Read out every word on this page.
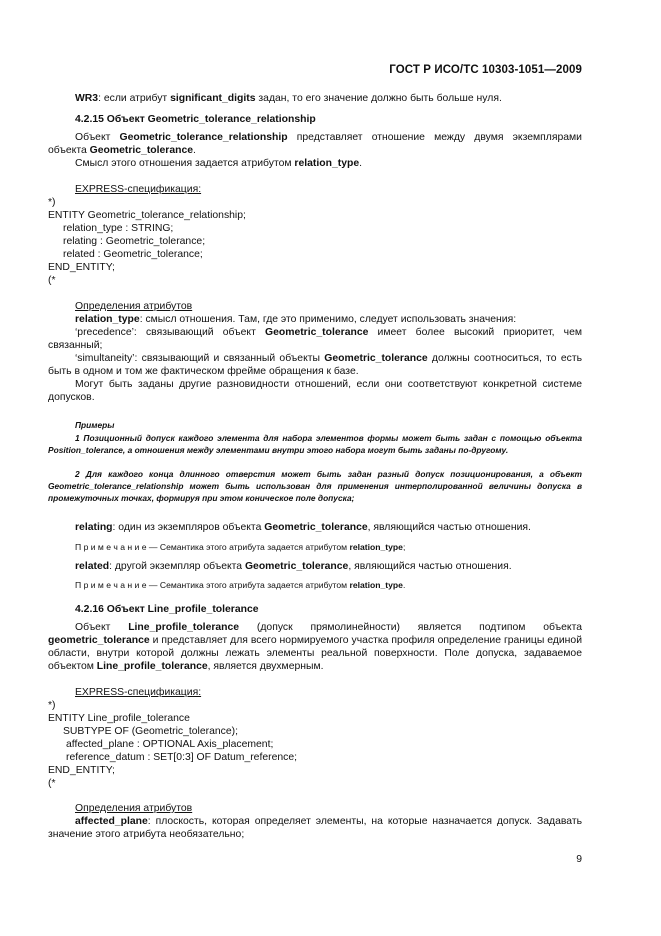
ГОСТ Р ИСО/ТС 10303-1051—2009
WR3: если атрибут significant_digits задан, то его значение должно быть больше нуля.
4.2.15 Объект Geometric_tolerance_relationship
Объект Geometric_tolerance_relationship представляет отношение между двумя экземплярами объекта Geometric_tolerance.
Смысл этого отношения задается атрибутом relation_type.
EXPRESS-спецификация:

*)

ENTITY Geometric_tolerance_relationship;

relation_type : STRING;

relating : Geometric_tolerance;

related : Geometric_tolerance;

END_ENTITY;

(*

Определения атрибутов
relation_type: смысл отношения. Там, где это применимо, следует использовать значения:
‘precedence’: связывающий объект Geometric_tolerance имеет более высокий приоритет, чем связанный;
‘simultaneity’: связывающий и связанный объекты Geometric_tolerance должны соотноситься, то есть быть в одном и том же фактическом фрейме обращения к базе.
Могут быть заданы другие разновидности отношений, если они соответствуют конкретной системе допусков.
Примеры
1 Позиционный допуск каждого элемента для набора элементов формы может быть задан с помощью объекта Position_tolerance, а отношения между элементами внутри этого набора могут быть заданы по-другому.
2 Для каждого конца длинного отверстия может быть задан разный допуск позиционирования, а объект Geometric_tolerance_relationship может быть использован для применения интерполированной величины допуска в промежуточных точках, формируя при этом коническое поле допуска;
relating: один из экземпляров объекта Geometric_tolerance, являющийся частью отношения.
П р и м е ч а н и е — Семантика этого атрибута задается атрибутом relation_type;
related: другой экземпляр объекта Geometric_tolerance, являющийся частью отношения.
П р и м е ч а н и е — Семантика этого атрибута задается атрибутом relation_type.
4.2.16 Объект Line_profile_tolerance
Объект Line_profile_tolerance (допуск прямолинейности) является подтипом объекта geometric_tolerance и представляет для всего нормируемого участка профиля определение границы единой области, внутри которой должны лежать элементы реальной поверхности. Поле допуска, задаваемое объектом Line_profile_tolerance, является двухмерным.
EXPRESS-спецификация:

*)

ENTITY Line_profile_tolerance

SUBTYPE OF (Geometric_tolerance);

affected_plane : OPTIONAL Axis_placement;

reference_datum : SET[0:3] OF Datum_reference;

END_ENTITY;

(*

Определения атрибутов
affected_plane: плоскость, которая определяет элементы, на которые назначается допуск. Задавать значение этого атрибута необязательно;
9
